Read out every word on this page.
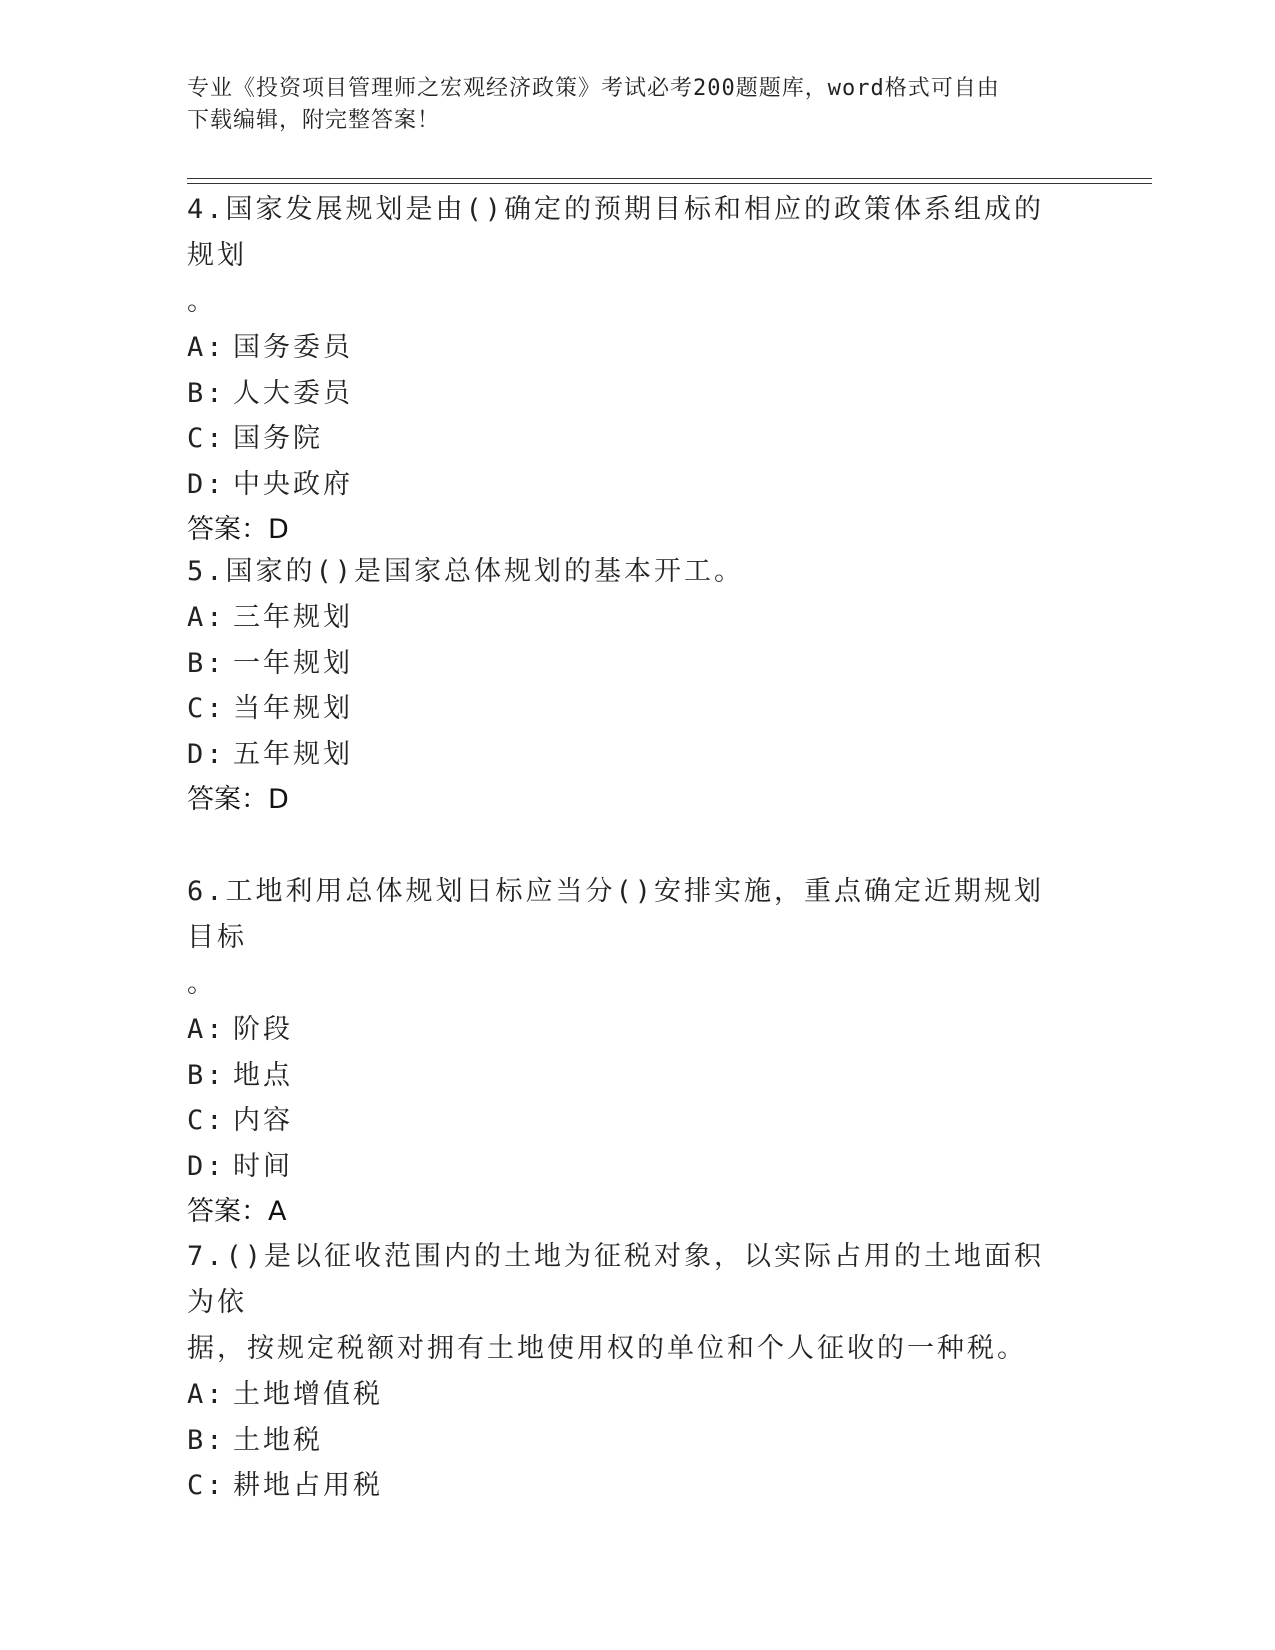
专业《投资项目管理师之宏观经济政策》考试必考200题题库，word格式可自由
下载编辑，附完整答案！
4.国家发展规划是由()确定的预期目标和相应的政策体系组成的规划
。
A: 国务委员
B: 人大委员
C: 国务院
D: 中央政府
答案：D
5.国家的()是国家总体规划的基本开工。
A: 三年规划
B: 一年规划
C: 当年规划
D: 五年规划
答案：D
6.工地利用总体规划日标应当分()安排实施，重点确定近期规划目标
。
A: 阶段
B: 地点
C: 内容
D: 时间
答案：A
7.()是以征收范围内的土地为征税对象，以实际占用的土地面积为依
据，按规定税额对拥有土地使用权的单位和个人征收的一种税。
A: 土地增值税
B: 土地税
C: 耕地占用税
